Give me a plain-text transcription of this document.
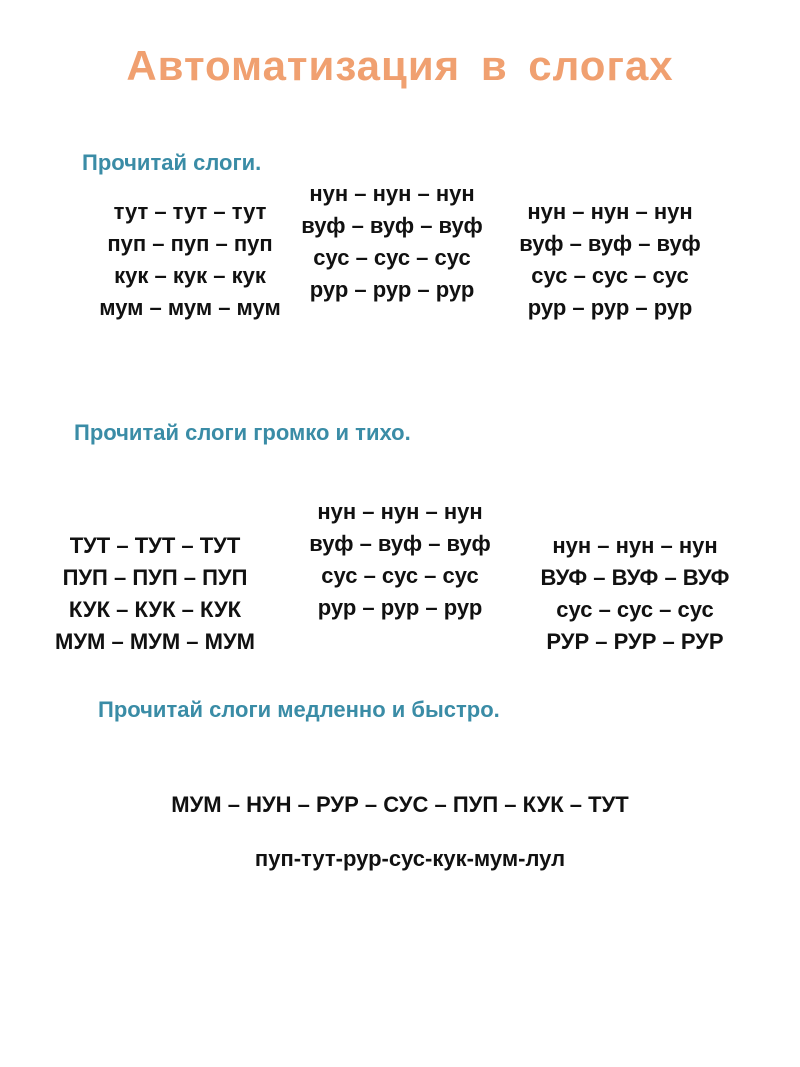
Автоматизация в слогах
Прочитай слоги.
тут – тут – тут
пуп – пуп – пуп
кук – кук – кук
мум – мум – мум
нун – нун – нун
вуф – вуф – вуф
сус – сус – сус
рур – рур – рур
нун – нун – нун
вуф – вуф – вуф
сус – сус – сус
рур – рур – рур
Прочитай слоги громко и тихо.
ТУТ – ТУТ – ТУТ
ПУП – ПУП – ПУП
КУК – КУК – КУК
МУМ – МУМ – МУМ
нун – нун – нун
вуф – вуф – вуф
сус – сус – сус
рур – рур – рур
нун – нун – нун
ВУФ – ВУФ – ВУФ
сус – сус – сус
РУР – РУР – РУР
Прочитай слоги медленно и быстро.
МУМ – НУН – РУР – СУС – ПУП – КУК – ТУТ
пуп-тут-рур-сус-кук-мум-лул
